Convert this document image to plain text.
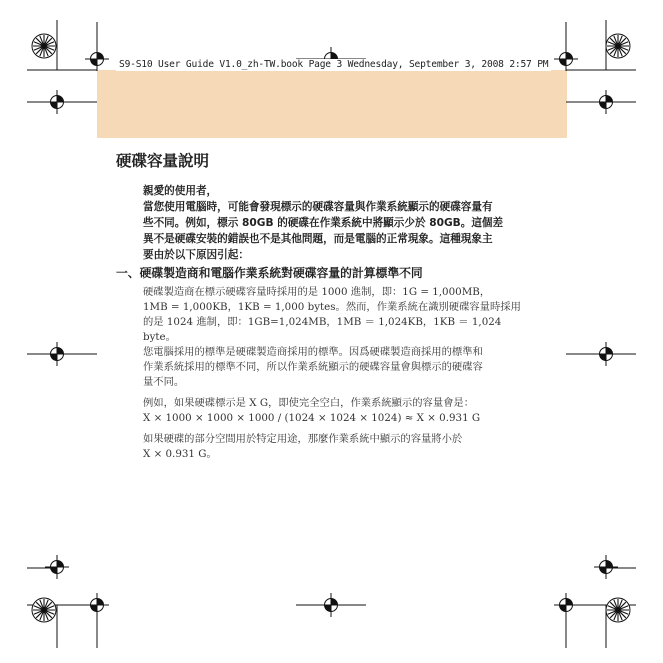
S9-S10 User Guide V1.0_zh-TW.book Page 3 Wednesday, September 3, 2008 2:57 PM
硬碟容量說明

親愛的使用者，

當您使用電腦時，可能會發現標示的硬碟容量與作業系統顯示的硬碟容量有

些不同。例如，標示 80GB 的硬碟在作業系統中將顯示少於 80GB。這個差

異不是硬碟安裝的錯誤也不是其他問題，而是電腦的正常現象。這種現象主

要由於以下原因引起：

一、硬碟製造商和電腦作業系統對硬碟容量的計算標準不同
硬碟製造商在標示硬碟容量時採用的是 1000 進制，即：1G = 1,000MB，
1MB = 1,000KB，1KB = 1,000 bytes。然而，作業系統在識別硬碟容量時採用
的是 1024 進制，即：1GB=1,024MB，1MB ＝ 1,024KB，1KB ＝ 1,024 byte。
您電腦採用的標準是硬碟製造商採用的標準。因爲硬碟製造商採用的標準和
作業系統採用的標準不同，所以作業系統顯示的硬碟容量會與標示的硬碟容
量不同。
例如，如果硬碟標示是 X G，即使完全空白，作業系統顯示的容量會是：
X × 1000 × 1000 × 1000 / (1024 × 1024 × 1024) ≈ X × 0.931 G
如果硬碟的部分空間用於特定用途，那麼作業系統中顯示的容量將小於
X × 0.931 G。
